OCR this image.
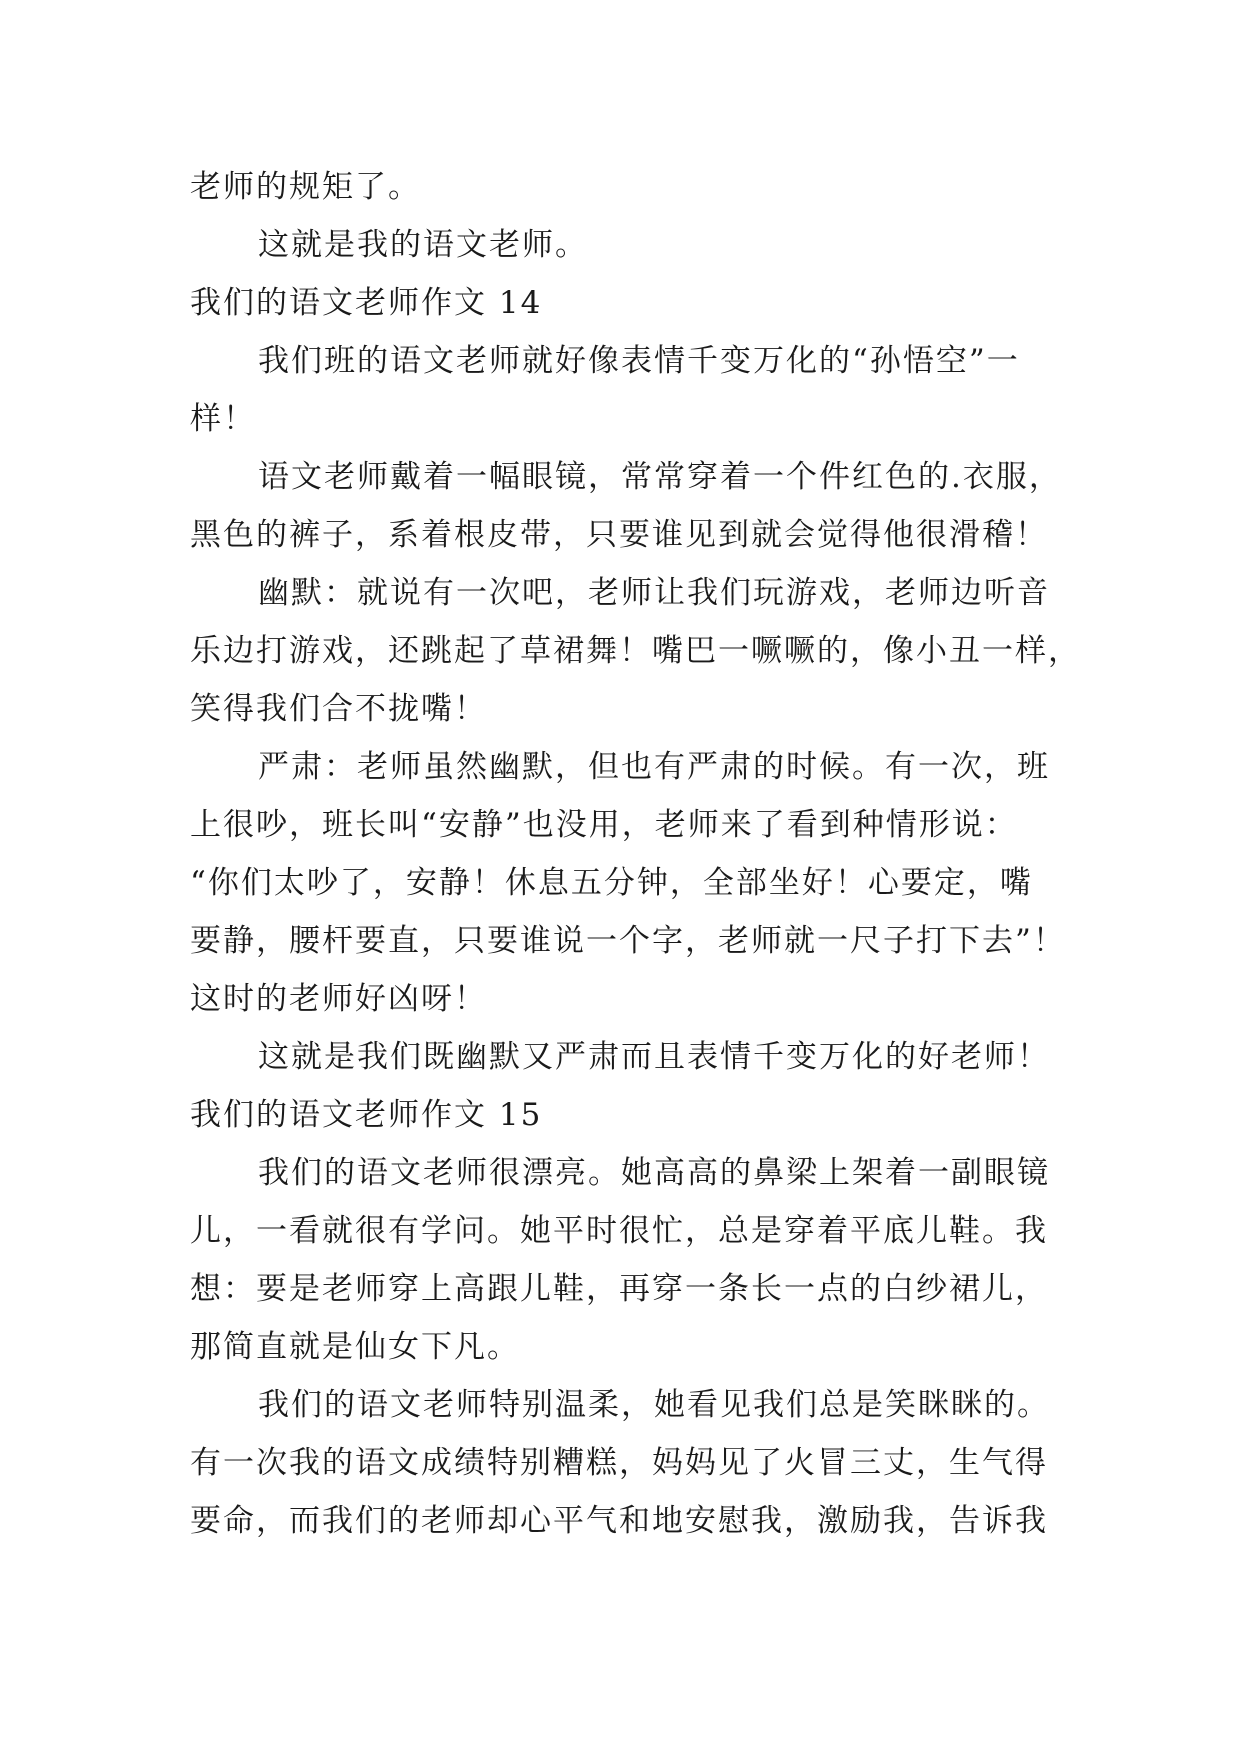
老师的规矩了。
这就是我的语文老师。
我们的语文老师作文 14
我们班的语文老师就好像表情千变万化的“孙悟空”一
样！
语文老师戴着一幅眼镜，常常穿着一个件红色的.衣服，
黑色的裤子，系着根皮带，只要谁见到就会觉得他很滑稽！
幽默：就说有一次吧，老师让我们玩游戏，老师边听音
乐边打游戏，还跳起了草裙舞！嘴巴一噘噘的，像小丑一样，
笑得我们合不拢嘴！
严肃：老师虽然幽默，但也有严肃的时候。有一次，班
上很吵，班长叫“安静”也没用，老师来了看到种情形说：
“你们太吵了，安静！休息五分钟，全部坐好！心要定，嘴
要静，腰杆要直，只要谁说一个字，老师就一尺子打下去”！
这时的老师好凶呀！
这就是我们既幽默又严肃而且表情千变万化的好老师！
我们的语文老师作文 15
我们的语文老师很漂亮。她高高的鼻梁上架着一副眼镜
儿，一看就很有学问。她平时很忙，总是穿着平底儿鞋。我
想：要是老师穿上高跟儿鞋，再穿一条长一点的白纱裙儿，
那简直就是仙女下凡。
我们的语文老师特别温柔，她看见我们总是笑眯眯的。
有一次我的语文成绩特别糟糕，妈妈见了火冒三丈，生气得
要命，而我们的老师却心平气和地安慰我，激励我，告诉我
